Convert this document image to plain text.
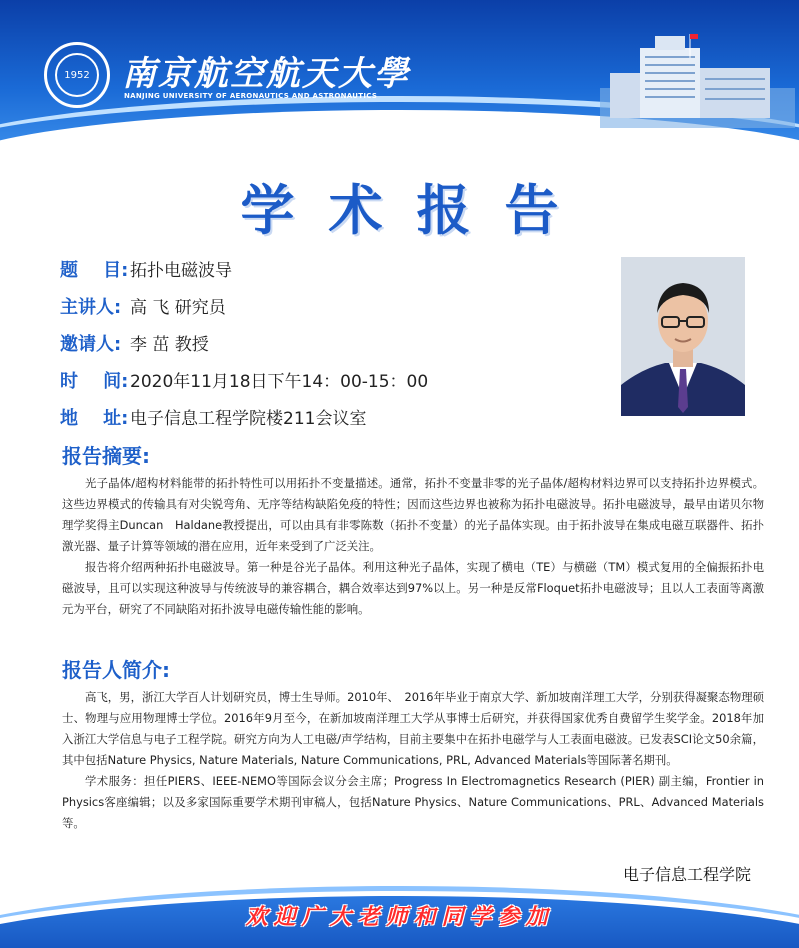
1952 南京航空航天大學
NANJING UNIVERSITY OF AERONAUTICS AND ASTRONAUTICS
学术报告
题    目: 拓扑电磁波导
主讲人: 高 飞 研究员
邀请人: 李 茁 教授
时    间: 2020年11月18日下午14：00-15：00
地    址: 电子信息工程学院楼211会议室
报告摘要:

光子晶体/超构材料能带的拓扑特性可以用拓扑不变量描述。通常，拓扑不变量非零的光子晶体/超构材料边界可以支持拓扑边界模式。这些边界模式的传输具有对尖锐弯角、无序等结构缺陷免疫的特性；因而这些边界也被称为拓扑电磁波导。拓扑电磁波导，最早由诺贝尔物理学奖得主Duncan　Haldane教授提出，可以由具有非零陈数（拓扑不变量）的光子晶体实现。由于拓扑波导在集成电磁互联器件、拓扑激光器、量子计算等领域的潜在应用，近年来受到了广泛关注。

报告将介绍两种拓扑电磁波导。第一种是谷光子晶体。利用这种光子晶体，实现了横电（TE）与横磁（TM）模式复用的全偏振拓扑电磁波导，且可以实现这种波导与传统波导的兼容耦合，耦合效率达到97%以上。另一种是反常Floquet拓扑电磁波导；且以人工表面等离激元为平台，研究了不同缺陷对拓扑波导电磁传输性能的影响。

报告人简介:

高飞，男，浙江大学百人计划研究员，博士生导师。2010年、　2016年毕业于南京大学、新加坡南洋理工大学，分别获得凝聚态物理硕士、物理与应用物理博士学位。2016年9月至今，在新加坡南洋理工大学从事博士后研究，并获得国家优秀自费留学生奖学金。2018年加入浙江大学信息与电子工程学院。研究方向为人工电磁/声学结构，目前主要集中在拓扑电磁学与人工表面电磁波。已发表SCI论文50余篇，其中包括Nature Physics, Nature Materials, Nature Communications, PRL, Advanced Materials等国际著名期刊。

学术服务：担任PIERS、IEEE-NEMO等国际会议分会主席；Progress In Electromagnetics Research (PIER) 副主编，Frontier in Physics客座编辑；以及多家国际重要学术期刊审稿人，包括Nature Physics、Nature Communications、PRL、Advanced Materials等。

电子信息工程学院
欢迎广大老师和同学参加
